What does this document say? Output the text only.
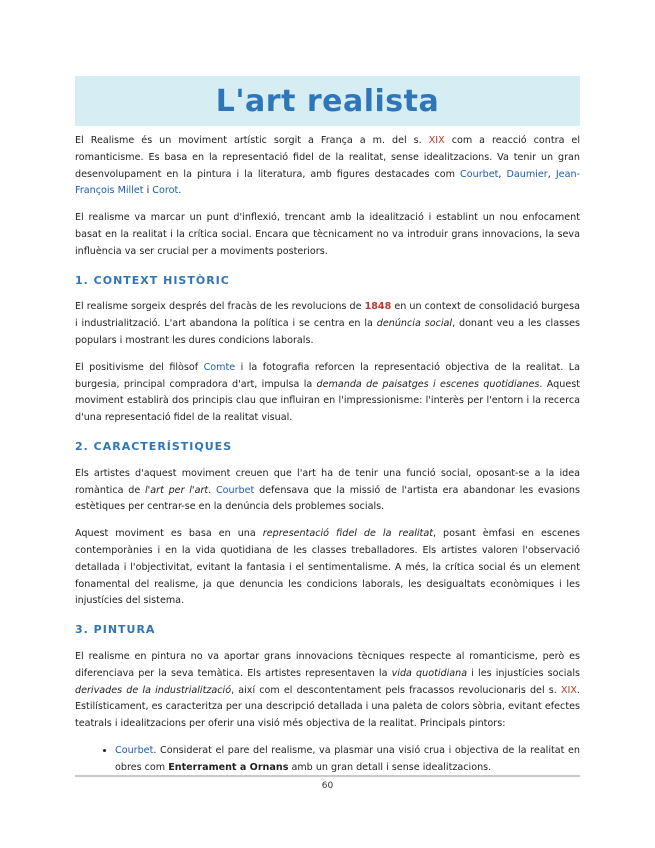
L'art realista

El Realisme és un moviment artístic sorgit a França a m. del s. XIX com a reacció contra el romanticisme. Es basa en la representació fidel de la realitat, sense idealitzacions. Va tenir un gran desenvolupament en la pintura i la literatura, amb figures destacades com Courbet, Daumier, Jean-François Millet i Corot.

El realisme va marcar un punt d'inflexió, trencant amb la idealització i establint un nou enfocament basat en la realitat i la crítica social. Encara que tècnicament no va introduir grans innovacions, la seva influència va ser crucial per a moviments posteriors.

1. CONTEXT HISTÒRIC

El realisme sorgeix després del fracàs de les revolucions de 1848 en un context de consolidació burgesa i industrialització. L'art abandona la política i se centra en la denúncia social, donant veu a les classes populars i mostrant les dures condicions laborals.

El positivisme del filòsof Comte i la fotografia reforcen la representació objectiva de la realitat. La burgesia, principal compradora d'art, impulsa la demanda de paisatges i escenes quotidianes. Aquest moviment establirà dos principis clau que influiran en l'impressionisme: l'interès per l'entorn i la recerca d'una representació fidel de la realitat visual.

2. CARACTERÍSTIQUES

Els artistes d'aquest moviment creuen que l'art ha de tenir una funció social, oposant-se a la idea romàntica de l'art per l'art. Courbet defensava que la missió de l'artista era abandonar les evasions estètiques per centrar-se en la denúncia dels problemes socials.

Aquest moviment es basa en una representació fidel de la realitat, posant èmfasi en escenes contemporànies i en la vida quotidiana de les classes treballadores. Els artistes valoren l'observació detallada i l'objectivitat, evitant la fantasia i el sentimentalisme. A més, la crítica social és un element fonamental del realisme, ja que denuncia les condicions laborals, les desigualtats econòmiques i les injustícies del sistema.

3. PINTURA

El realisme en pintura no va aportar grans innovacions tècniques respecte al romanticisme, però es diferenciava per la seva temàtica. Els artistes representaven la vida quotidiana i les injustícies socials derivades de la industrialització, així com el descontentament pels fracassos revolucionaris del s. XIX. Estilísticament, es caracteritza per una descripció detallada i una paleta de colors sòbria, evitant efectes teatrals i idealitzacions per oferir una visió més objectiva de la realitat. Principals pintors:

• Courbet. Considerat el pare del realisme, va plasmar una visió crua i objectiva de la realitat en obres com Enterrament a Ornans amb un gran detall i sense idealitzacions.
60
